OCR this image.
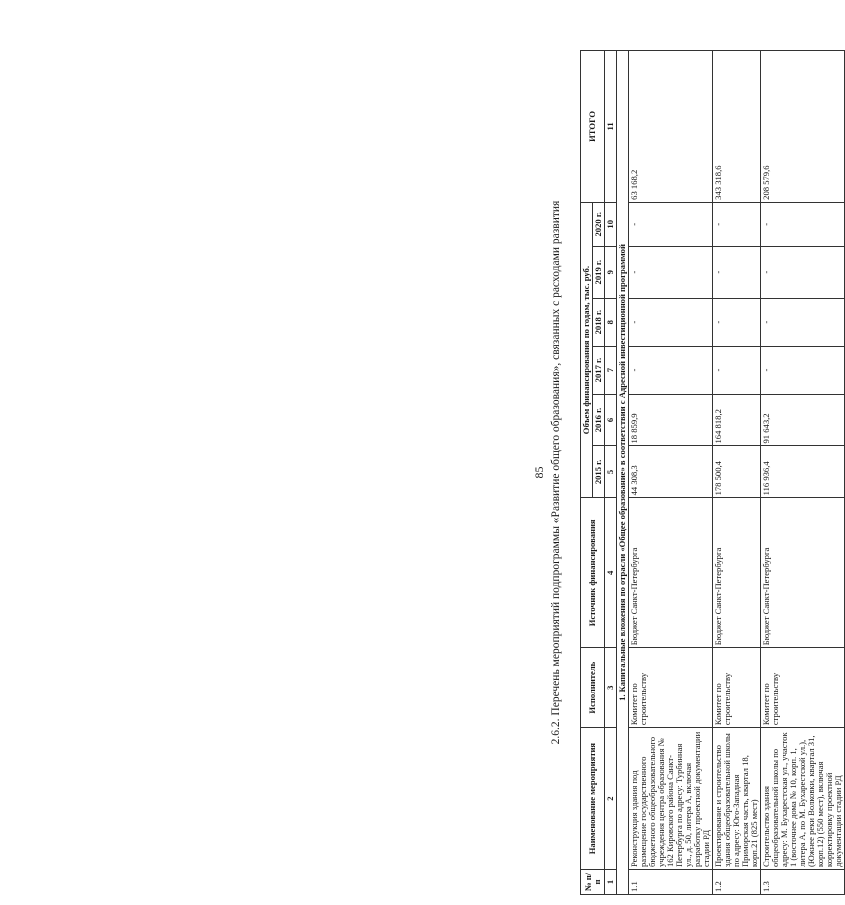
85 2.6.2. Перечень мероприятий подпрограммы «Развитие общего образования», связанных с расходами развития
№ п/п	Наименование мероприятия	Исполнитель	Источник финансирования	Объем финансирования по годам, тыс. руб.						ИТОГО
				2015 г.	2016 г.	2017 г.	2018 г.	2019 г.	2020 г.	
1	2	3	4	5	6	7	8	9	10	11
1. Капитальные вложения по отрасли «Общее образование» в соответствии с Адресной инвестиционной программой										
1.1	Реконструкция здания под размещение государственного бюджетного общеобразовательного учреждения центра образования № 162 Кировского района Санкт-Петербурга по адресу: Турбинная ул., д. 50, литера А, включая разработку проектной документации стадии РД	Комитет по строительству	Бюджет Санкт-Петербурга	44 308,3	18 859,9	-	-	-	-	63 168,2
1.2	Проектирование и строительство здания общеобразовательной школы по адресу: Юго-Западная Приморская часть, квартал 18, корп.21 (825 мест)	Комитет по строительству	Бюджет Санкт-Петербурга	178 500,4	164 818,2	-	-	-	-	343 318,6
1.3	Строительство здания общеобразовательной школы по адресу: М. Бухарестская ул., участок 1 (восточнее дома № 10, корп. 1, литера А, по М. Бухарестской ул.), (Южнее реки Волковки, квартал 31, корп.12) (550 мест), включая корректировку проектной документации стадии РД	Комитет по строительству	Бюджет Санкт-Петербурга	116 936,4	91 643,2	-	-	-	-	208 579,6
